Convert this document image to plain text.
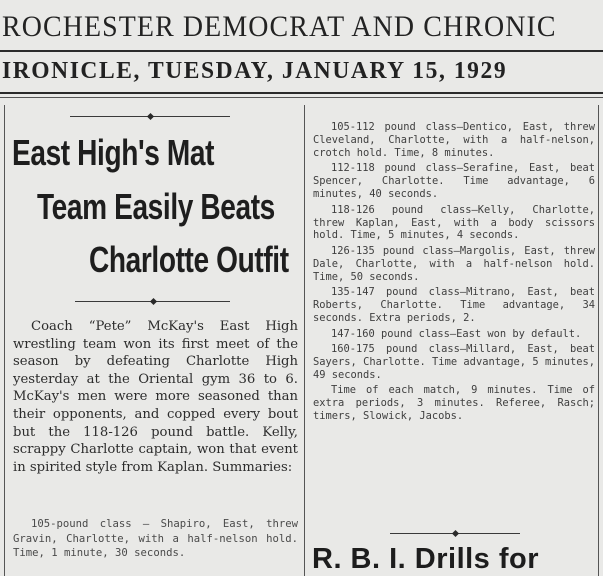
ROCHESTER DEMOCRAT AND CHRONIC
IRONICLE, TUESDAY, JANUARY 15, 1929
East High's Mat
Team Easily Beats
Charlotte Outfit

Coach “Pete” McKay's East High wrestling team won its first meet of the season by defeating Charlotte High yesterday at the Oriental gym 36 to 6. McKay's men were more seasoned than their opponents, and copped every bout but the 118-126 pound battle. Kelly, scrappy Charlotte captain, won that event in spirited style from Kaplan. Summaries:

105-pound class — Shapiro, East, threw Gravin, Charlotte, with a half-nelson hold. Time, 1 minute, 30 seconds.

105-112 pound class—Dentico, East, threw Cleveland, Charlotte, with a half-nelson, crotch hold. Time, 8 minutes.

112-118 pound class—Serafine, East, beat Spencer, Charlotte. Time advantage, 6 minutes, 40 seconds.

118-126 pound class—Kelly, Charlotte, threw Kaplan, East, with a body scissors hold. Time, 5 minutes, 4 seconds.

126-135 pound class—Margolis, East, threw Dale, Charlotte, with a half-nelson hold. Time, 50 seconds.

135-147 pound class—Mitrano, East, beat Roberts, Charlotte. Time advantage, 34 seconds. Extra periods, 2.

147-160 pound class—East won by default.

160-175 pound class—Millard, East, beat Sayers, Charlotte. Time advantage, 5 minutes, 49 seconds.

Time of each match, 9 minutes. Time of extra periods, 3 minutes. Referee, Rasch; timers, Slowick, Jacobs.

R. B. I. Drills for
